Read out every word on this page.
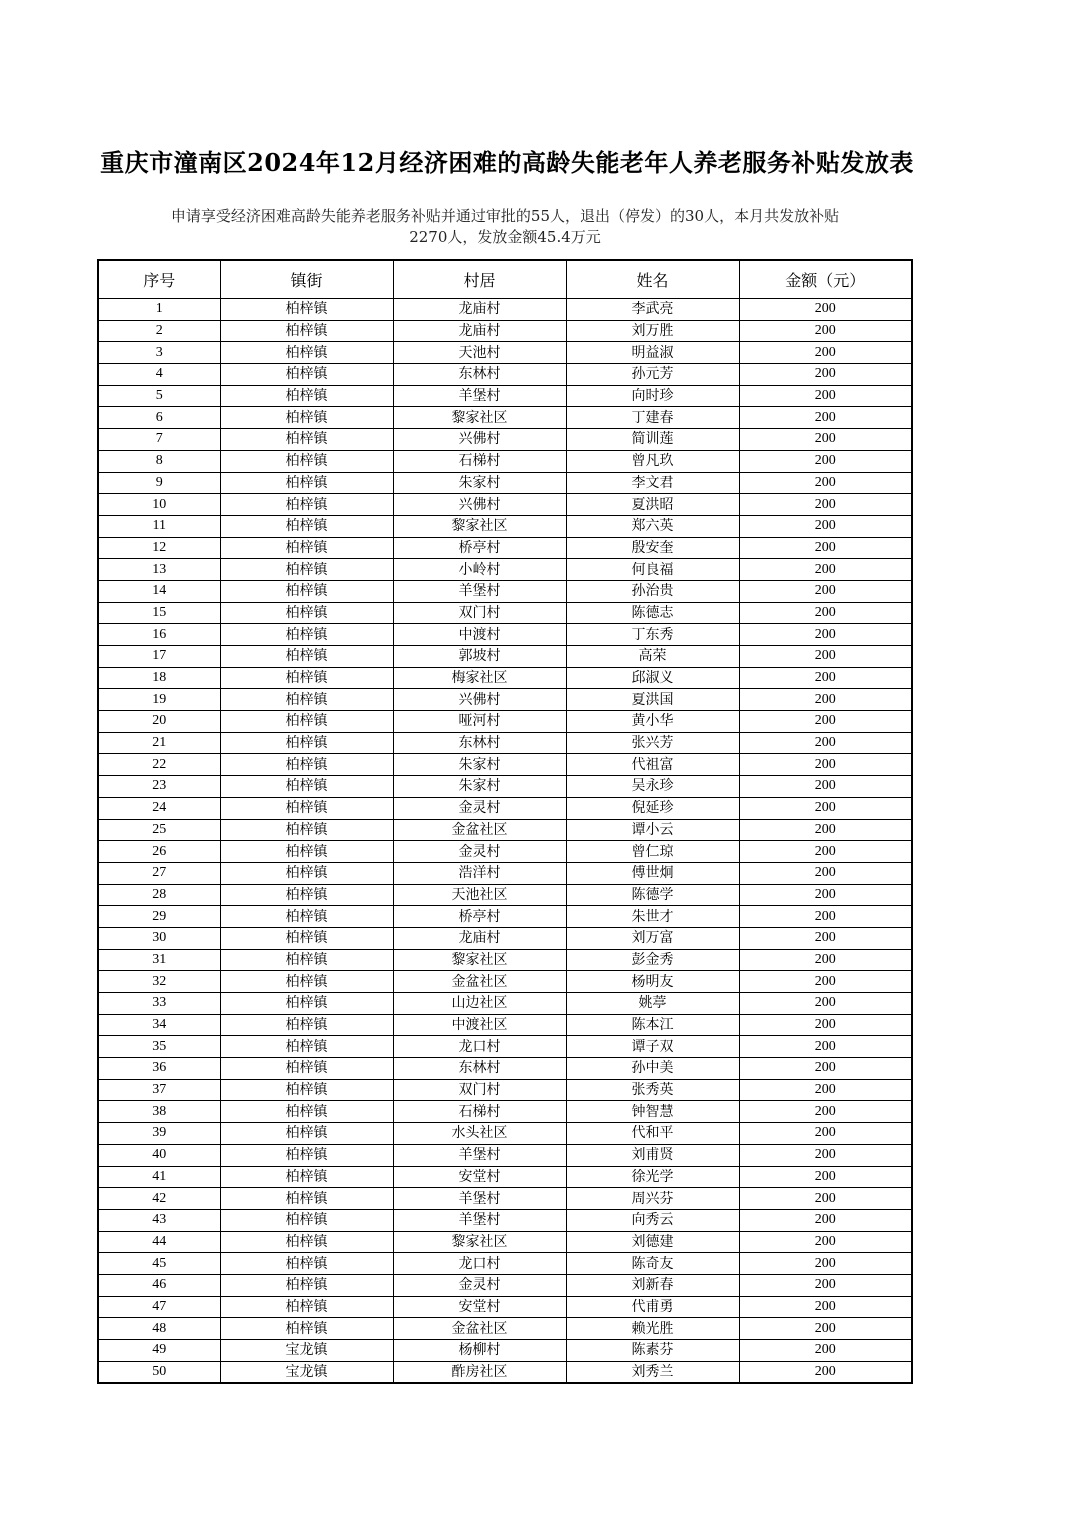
重庆市潼南区2024年12月经济困难的高龄失能老年人养老服务补贴发放表
申请享受经济困难高龄失能养老服务补贴并通过审批的55人，退出（停发）的30人，本月共发放补贴
2270人，发放金额45.4万元
序号	镇街	村居	姓名	金额（元）
1	柏梓镇	龙庙村	李武亮	200
2	柏梓镇	龙庙村	刘万胜	200
3	柏梓镇	天池村	明益淑	200
4	柏梓镇	东林村	孙元芳	200
5	柏梓镇	羊堡村	向时珍	200
6	柏梓镇	黎家社区	丁建春	200
7	柏梓镇	兴佛村	简训莲	200
8	柏梓镇	石梯村	曾凡玖	200
9	柏梓镇	朱家村	李文君	200
10	柏梓镇	兴佛村	夏洪昭	200
11	柏梓镇	黎家社区	郑六英	200
12	柏梓镇	桥亭村	殷安奎	200
13	柏梓镇	小岭村	何良福	200
14	柏梓镇	羊堡村	孙治贵	200
15	柏梓镇	双门村	陈德志	200
16	柏梓镇	中渡村	丁东秀	200
17	柏梓镇	郭坡村	高荣	200
18	柏梓镇	梅家社区	邱淑义	200
19	柏梓镇	兴佛村	夏洪国	200
20	柏梓镇	哑河村	黄小华	200
21	柏梓镇	东林村	张兴芳	200
22	柏梓镇	朱家村	代祖富	200
23	柏梓镇	朱家村	吴永珍	200
24	柏梓镇	金灵村	倪延珍	200
25	柏梓镇	金盆社区	谭小云	200
26	柏梓镇	金灵村	曾仁琼	200
27	柏梓镇	浩洋村	傅世炯	200
28	柏梓镇	天池社区	陈德学	200
29	柏梓镇	桥亭村	朱世才	200
30	柏梓镇	龙庙村	刘万富	200
31	柏梓镇	黎家社区	彭金秀	200
32	柏梓镇	金盆社区	杨明友	200
33	柏梓镇	山边社区	姚葶	200
34	柏梓镇	中渡社区	陈本江	200
35	柏梓镇	龙口村	谭子双	200
36	柏梓镇	东林村	孙中美	200
37	柏梓镇	双门村	张秀英	200
38	柏梓镇	石梯村	钟智慧	200
39	柏梓镇	水头社区	代和平	200
40	柏梓镇	羊堡村	刘甫贤	200
41	柏梓镇	安堂村	徐光学	200
42	柏梓镇	羊堡村	周兴芬	200
43	柏梓镇	羊堡村	向秀云	200
44	柏梓镇	黎家社区	刘德建	200
45	柏梓镇	龙口村	陈奇友	200
46	柏梓镇	金灵村	刘新春	200
47	柏梓镇	安堂村	代甫勇	200
48	柏梓镇	金盆社区	赖光胜	200
49	宝龙镇	杨柳村	陈素芬	200
50	宝龙镇	酢房社区	刘秀兰	200
